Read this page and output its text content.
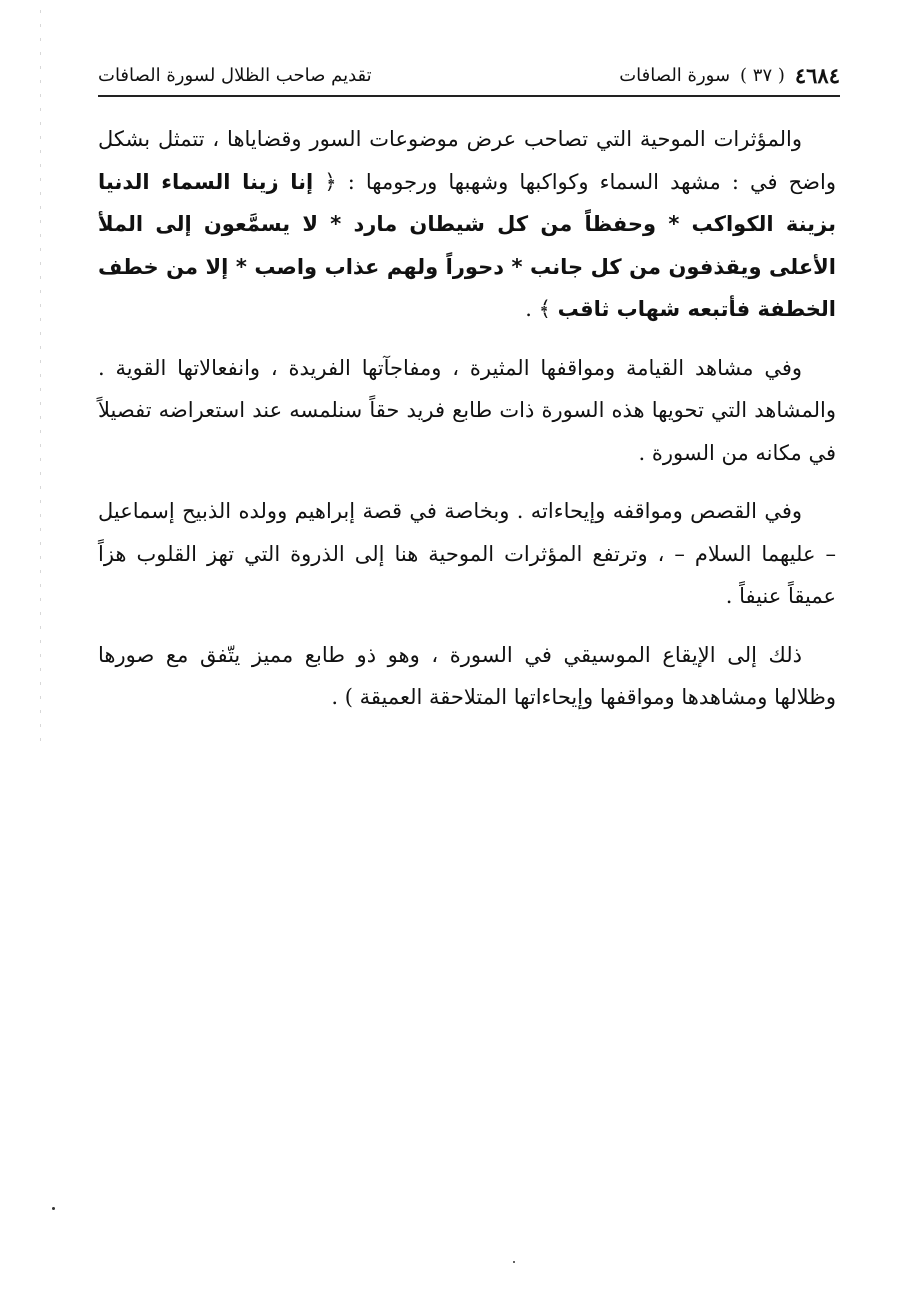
٤٦٨٤
( ٣٧ )
سورة الصافات
تقديم صاحب الظلال لسورة الصافات

والمؤثرات الموحية التي تصاحب عرض موضوعات السور وقضاياها ، تتمثل بشكل واضح في : مشهد السماء وكواكبها وشهبها ورجومها : ﴿ إنا زينا السماء الدنيا بزينة الكواكب * وحفظاً من كل شيطان مارد * لا يسمَّعون إلى الملأ الأعلى ويقذفون من كل جانب * دحوراً ولهم عذاب واصب * إلا من خطف الخطفة فأتبعه شهاب ثاقب ﴾ .

وفي مشاهد القيامة ومواقفها المثيرة ، ومفاجآتها الفريدة ، وانفعالاتها القوية . والمشاهد التي تحويها هذه السورة ذات طابع فريد حقاً سنلمسه عند استعراضه تفصيلاً في مكانه من السورة .

وفي القصص ومواقفه وإيحاءاته . وبخاصة في قصة إبراهيم وولده الذبيح إسماعيل – عليهما السلام – ، وترتفع المؤثرات الموحية هنا إلى الذروة التي تهز القلوب هزاً عميقاً عنيفاً .

ذلك إلى الإيقاع الموسيقي في السورة ، وهو ذو طابع مميز يتّفق مع صورها وظلالها ومشاهدها ومواقفها وإيحاءاتها المتلاحقة العميقة ) .
